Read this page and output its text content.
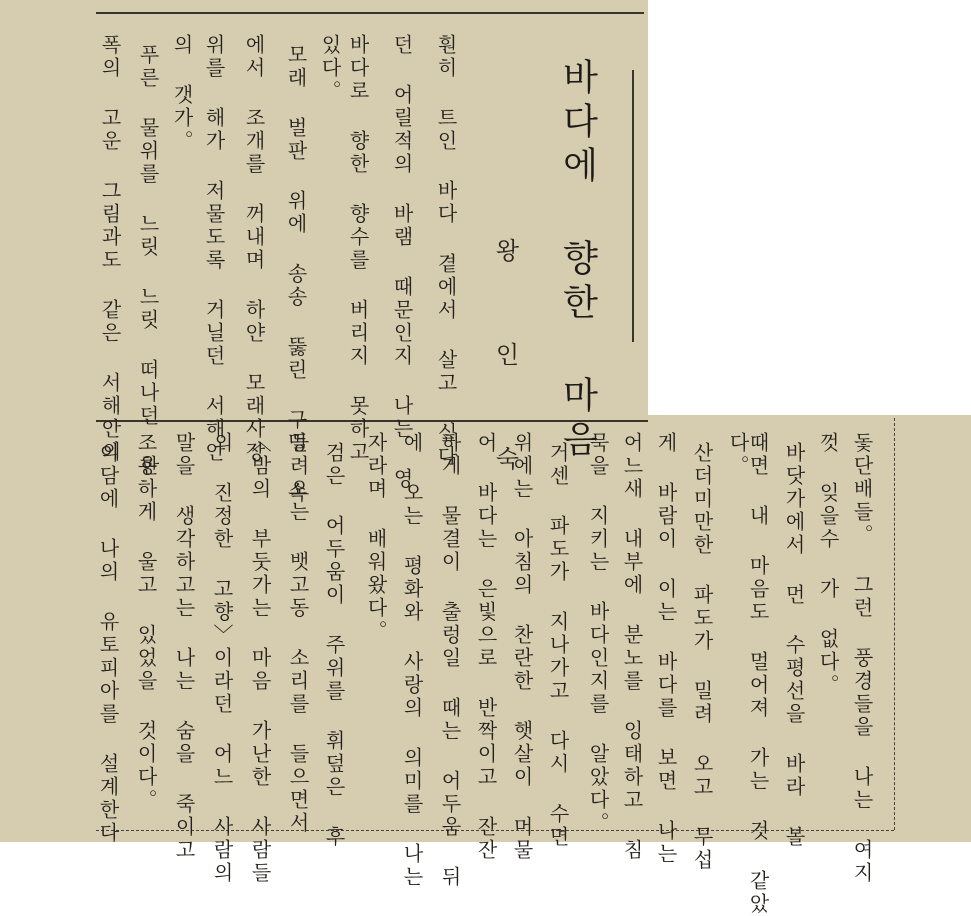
바다에 향한 마음
왕 인 숙
훤히 트인 바다 곁에서 살고 싶다
던 어릴적의 바램 때문인지 나는 영
바다로 향한 향수를 버리지 못하고
있다。
모래 벌판 위에 송송 뚫린 구멍 속
에서 조개를 꺼내며 하얀 모래사장
위를 해가 저물도록 거닐던 서해안
의 갯가。
푸른 물위를 느릿 느릿 떠나던 한
폭의 고운 그림과도 같은 서해안의
돛단배들。 그런 풍경들을 나는 여지
껏 잊을수 가 없다。
바닷가에서 먼 수평선을 바라 볼
때면 내 마음도 멀어져 가는 것 같았
다。
산더미만한 파도가 밀려 오고 무섭
게 바람이 이는 바다를 보면 나는
어느새 내부에 분노를 잉태하고 침
묵을 지키는 바다인지를 알았다。
거센 파도가 지나가고 다시 수면
위에는 아침의 찬란한 햇살이 머물
어 바다는 은빛으로 반짝이고 잔잔
하게 물결이 출렁일 때는 어두움 뒤
에 오는 평화와 사랑의 의미를 나는
자라며 배워왔다。
검은 어두움이 주위를 휘덮은 후
들려오는 뱃고동 소리를 들으면서
〈밤의 부둣가는 마음 가난한 사람들
의 진정한 고향〉이라던 어느 사람의
말을 생각하고는 나는 숨을 죽이고
조용하게 울고 있었을 것이다。
이담에 나의 유토피아를 설계한다
